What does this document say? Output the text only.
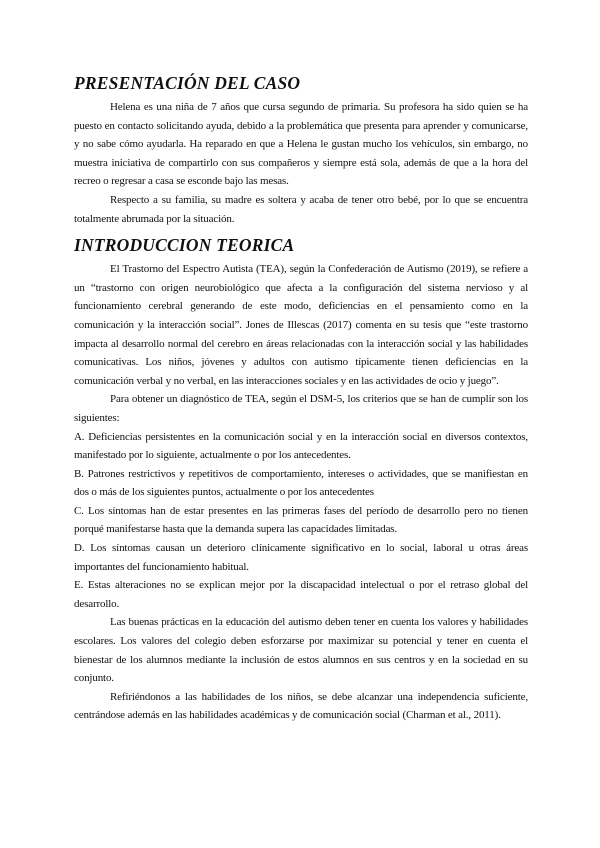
PRESENTACIÓN DEL CASO

Helena es una niña de 7 años que cursa segundo de primaria. Su profesora ha sido quien se ha puesto en contacto solicitando ayuda, debido a la problemática que presenta para aprender y comunicarse, y no sabe cómo ayudarla. Ha reparado en que a Helena le gustan mucho los vehículos, sin embargo, no muestra iniciativa de compartirlo con sus compañeros y siempre está sola, además de que a la hora del recreo o regresar a casa se esconde bajo las mesas.

Respecto a su familia, su madre es soltera y acaba de tener otro bebé, por lo que se encuentra totalmente abrumada por la situación.

INTRODUCCION TEORICA

El Trastorno del Espectro Autista (TEA), según la Confederación de Autismo (2019), se refiere a un “trastorno con origen neurobiológico que afecta a la configuración del sistema nervioso y al funcionamiento cerebral generando de este modo, deficiencias en el pensamiento como en la comunicación y la interacción social”. Jones de Illescas (2017) comenta en su tesis que “este trastorno impacta al desarrollo normal del cerebro en áreas relacionadas con la interacción social y las habilidades comunicativas. Los niños, jóvenes y adultos con autismo típicamente tienen deficiencias en la comunicación verbal y no verbal, en las interacciones sociales y en las actividades de ocio y juego”.

Para obtener un diagnóstico de TEA, según el DSM-5, los criterios que se han de cumplir son los siguientes:

A. Deficiencias persistentes en la comunicación social y en la interacción social en diversos contextos, manifestado por lo siguiente, actualmente o por los antecedentes.

B. Patrones restrictivos y repetitivos de comportamiento, intereses o actividades, que se manifiestan en dos o más de los siguientes puntos, actualmente o por los antecedentes

C. Los síntomas han de estar presentes en las primeras fases del período de desarrollo pero no tienen porqué manifestarse hasta que la demanda supera las capacidades limitadas.

D. Los síntomas causan un deterioro clínicamente significativo en lo social, laboral u otras áreas importantes del funcionamiento habitual.

E. Estas alteraciones no se explican mejor por la discapacidad intelectual o por el retraso global del desarrollo.

Las buenas prácticas en la educación del autismo deben tener en cuenta los valores y habilidades escolares. Los valores del colegio deben esforzarse por maximizar su potencial y tener en cuenta el bienestar de los alumnos mediante la inclusión de estos alumnos en sus centros y en la sociedad en su conjunto.

Refiriéndonos a las habilidades de los niños, se debe alcanzar una independencia suficiente, centrándose además en las habilidades académicas y de comunicación social (Charman et al., 2011).
